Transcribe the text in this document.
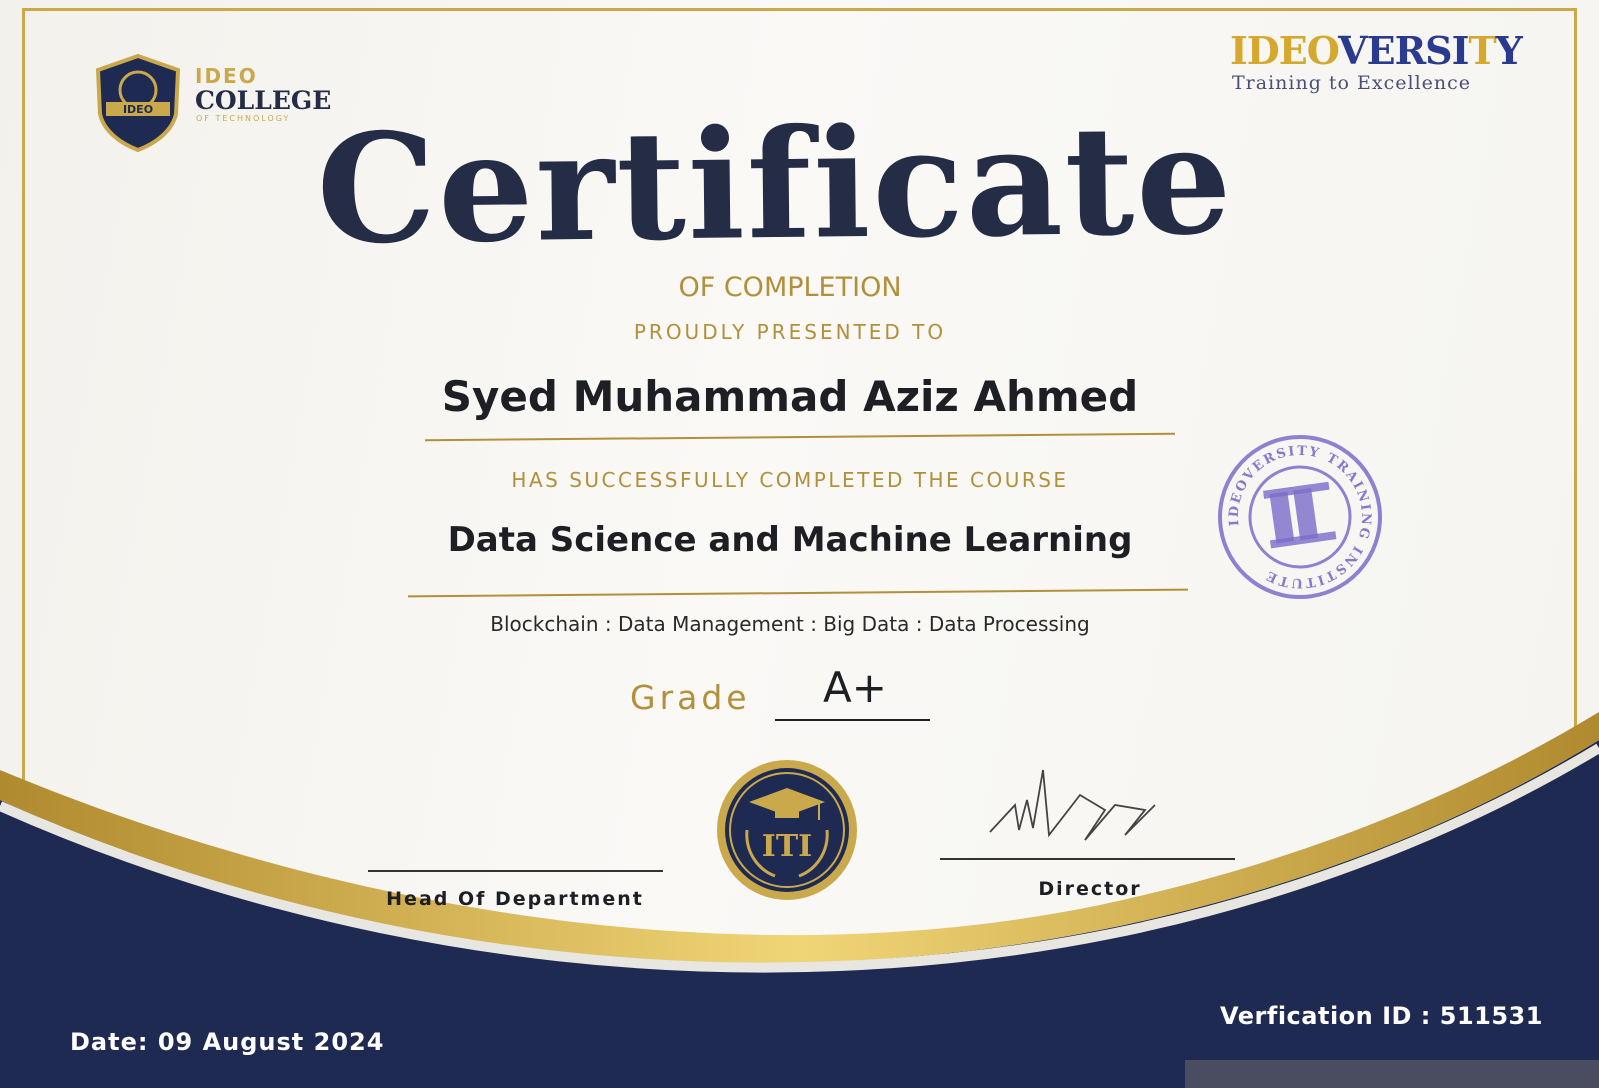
IDEO
IDEO
COLLEGE
OF TECHNOLOGY
IDEOVERSITY
Training to Excellence
Certificate
OF COMPLETION
PROUDLY PRESENTED TO
Syed Muhammad Aziz Ahmed
HAS SUCCESSFULLY COMPLETED THE COURSE
Data Science and Machine Learning
Blockchain : Data Management : Big Data : Data Processing
Grade	A+
IDEOVERSITY TRAINING INSTITUTE
ITI
Head Of Department	Director
Date: 09 August 2024
Verfication ID : 511531
